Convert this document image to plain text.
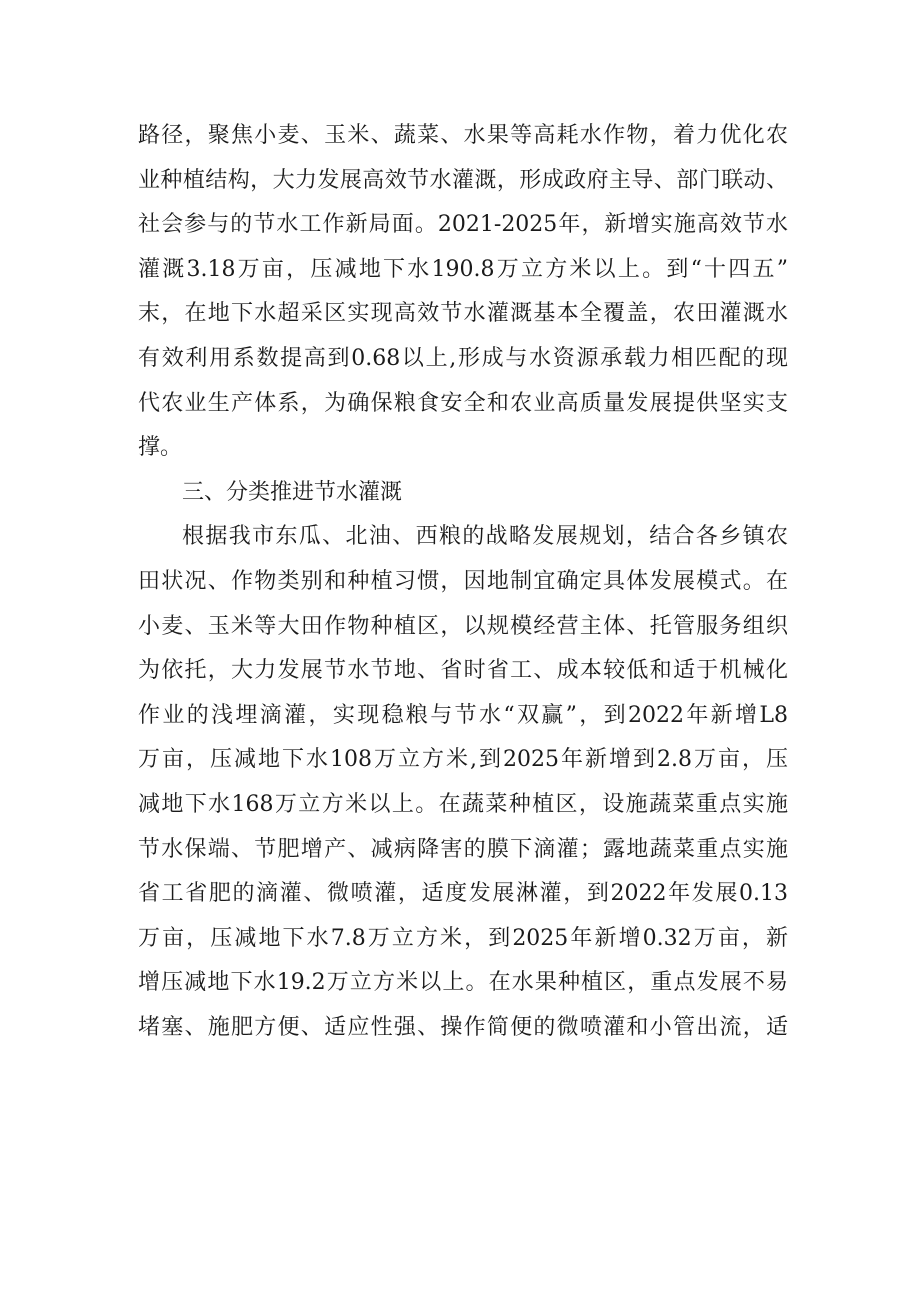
路径，聚焦小麦、玉米、蔬菜、水果等高耗水作物，着力优化农
业种植结构，大力发展高效节水灌溉，形成政府主导、部门联动、
社会参与的节水工作新局面。2021-2025年，新增实施高效节水
灌溉3.18万亩，压减地下水190.8万立方米以上。到“十四五”
末，在地下水超采区实现高效节水灌溉基本全覆盖，农田灌溉水
有效利用系数提高到0.68以上,形成与水资源承载力相匹配的现
代农业生产体系，为确保粮食安全和农业高质量发展提供坚实支
撑。
三、分类推进节水灌溉
根据我市东瓜、北油、西粮的战略发展规划，结合各乡镇农
田状况、作物类别和种植习惯，因地制宜确定具体发展模式。在
小麦、玉米等大田作物种植区，以规模经营主体、托管服务组织
为依托，大力发展节水节地、省时省工、成本较低和适于机械化
作业的浅埋滴灌，实现稳粮与节水“双赢”，到2022年新增L8
万亩，压减地下水108万立方米,到2025年新增到2.8万亩，压
减地下水168万立方米以上。在蔬菜种植区，设施蔬菜重点实施
节水保端、节肥增产、减病降害的膜下滴灌；露地蔬菜重点实施
省工省肥的滴灌、微喷灌，适度发展淋灌，到2022年发展0.13
万亩，压减地下水7.8万立方米，到2025年新增0.32万亩，新
增压减地下水19.2万立方米以上。在水果种植区，重点发展不易
堵塞、施肥方便、适应性强、操作简便的微喷灌和小管出流，适
